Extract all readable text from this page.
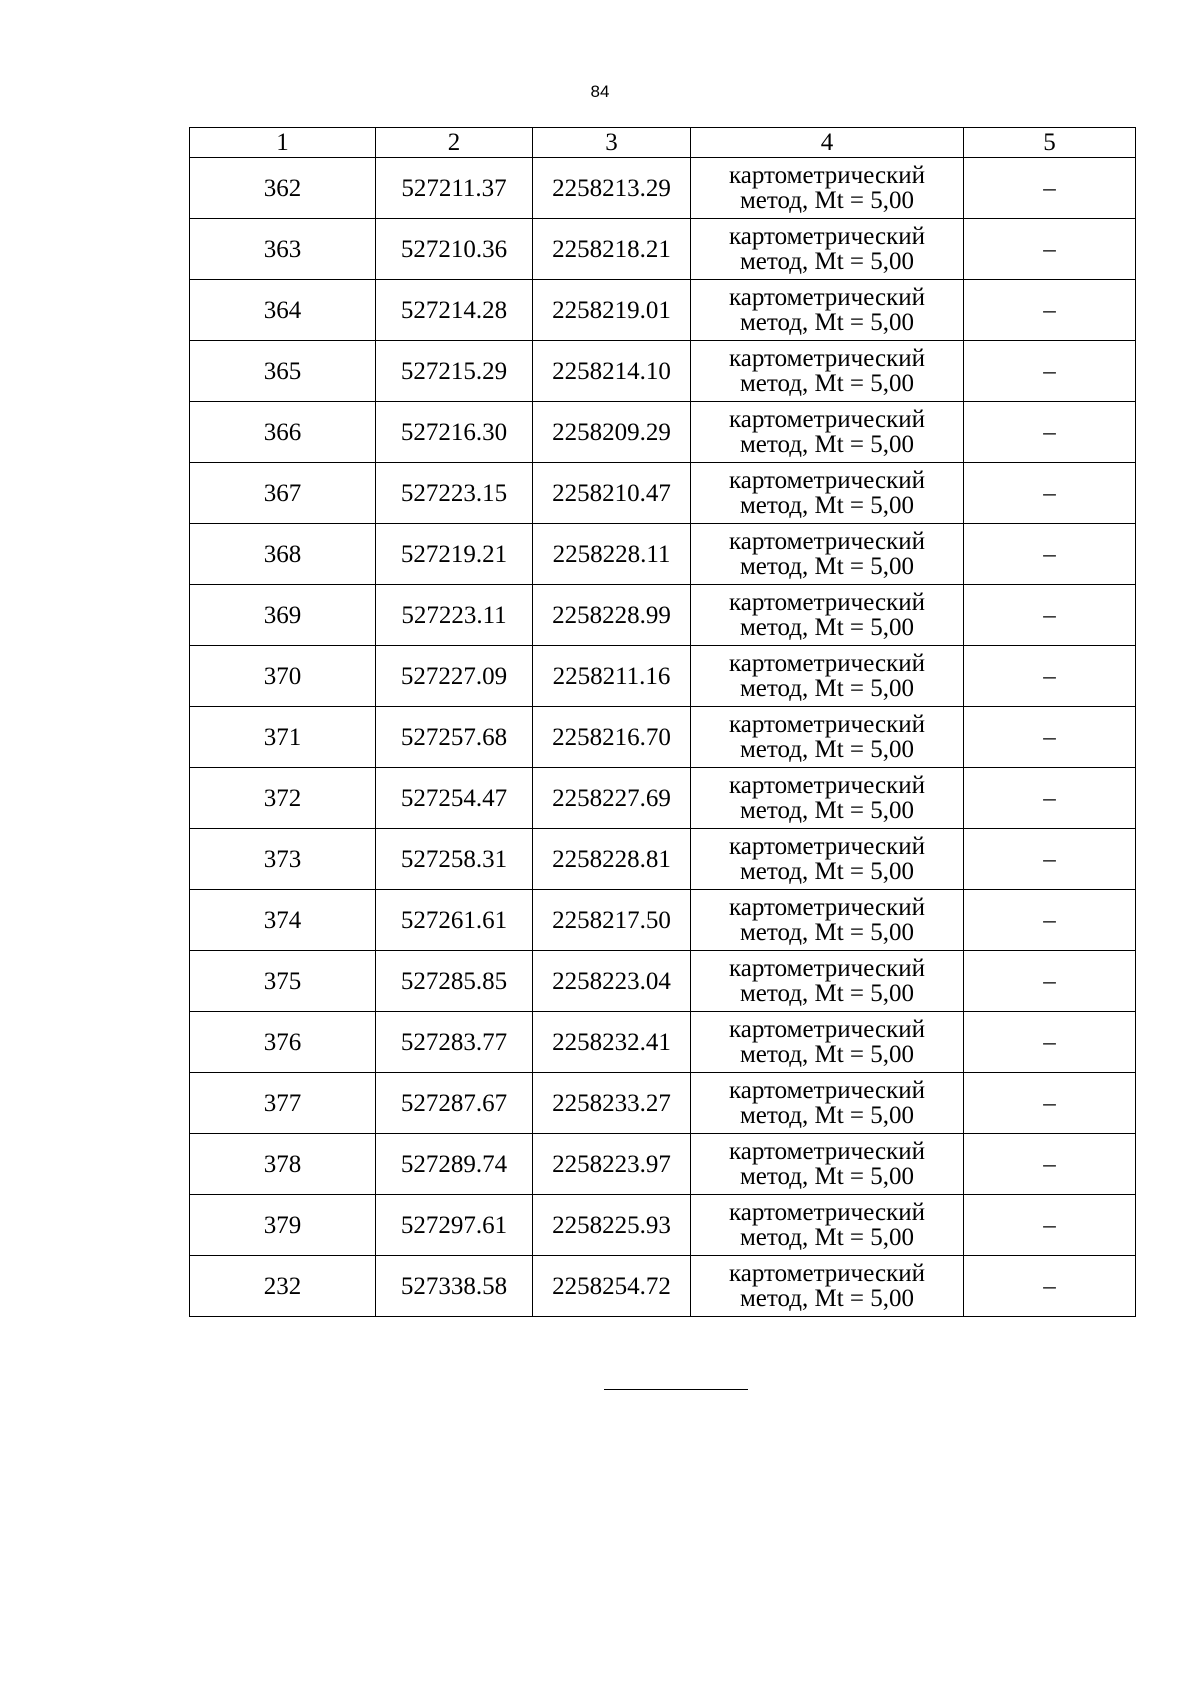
84
1	2	3	4	5
362	527211.37	2258213.29	картометрический
метод, Mt = 5,00	–
363	527210.36	2258218.21	картометрический
метод, Mt = 5,00	–
364	527214.28	2258219.01	картометрический
метод, Mt = 5,00	–
365	527215.29	2258214.10	картометрический
метод, Mt = 5,00	–
366	527216.30	2258209.29	картометрический
метод, Mt = 5,00	–
367	527223.15	2258210.47	картометрический
метод, Mt = 5,00	–
368	527219.21	2258228.11	картометрический
метод, Mt = 5,00	–
369	527223.11	2258228.99	картометрический
метод, Mt = 5,00	–
370	527227.09	2258211.16	картометрический
метод, Mt = 5,00	–
371	527257.68	2258216.70	картометрический
метод, Mt = 5,00	–
372	527254.47	2258227.69	картометрический
метод, Mt = 5,00	–
373	527258.31	2258228.81	картометрический
метод, Mt = 5,00	–
374	527261.61	2258217.50	картометрический
метод, Mt = 5,00	–
375	527285.85	2258223.04	картометрический
метод, Mt = 5,00	–
376	527283.77	2258232.41	картометрический
метод, Mt = 5,00	–
377	527287.67	2258233.27	картометрический
метод, Mt = 5,00	–
378	527289.74	2258223.97	картометрический
метод, Mt = 5,00	–
379	527297.61	2258225.93	картометрический
метод, Mt = 5,00	–
232	527338.58	2258254.72	картометрический
метод, Mt = 5,00	–
